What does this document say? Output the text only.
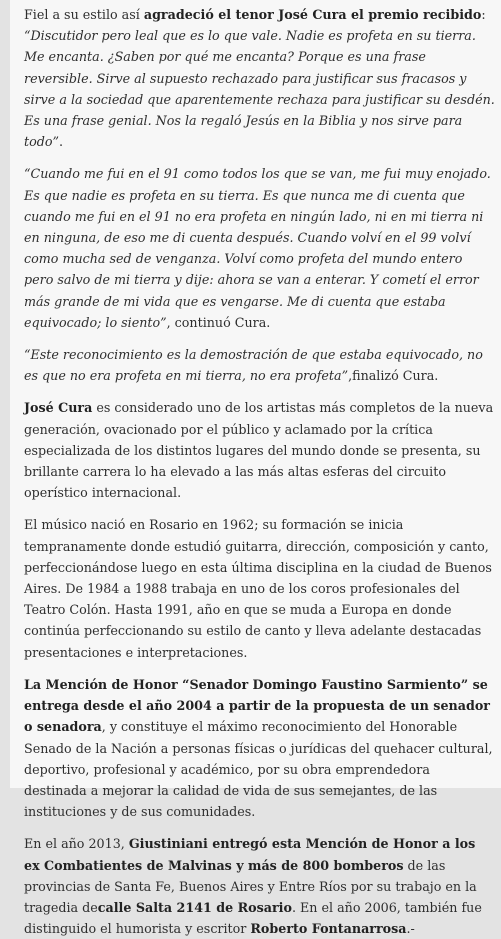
Fiel a su estilo así agradeció el tenor José Cura el premio recibido: “Discutidor pero leal que es lo que vale. Nadie es profeta en su tierra. Me encanta. ¿Saben por qué me encanta? Porque es una frase reversible. Sirve al supuesto rechazado para justificar sus fracasos y sirve a la sociedad que aparentemente rechaza para justificar su desdén. Es una frase genial. Nos la regaló Jesús en la Biblia y nos sirve para todo”.

“Cuando me fui en el 91 como todos los que se van, me fui muy enojado. Es que nadie es profeta en su tierra. Es que nunca me di cuenta que cuando me fui en el 91 no era profeta en ningún lado, ni en mi tierra ni en ninguna, de eso me di cuenta después. Cuando volví en el 99 volví como mucha sed de venganza. Volví como profeta del mundo entero pero salvo de mi tierra y dije: ahora se van a enterar. Y cometí el error más grande de mi vida que es vengarse. Me di cuenta que estaba equivocado; lo siento”, continuó Cura.

“Este reconocimiento es la demostración de que estaba equivocado, no es que no era profeta en mi tierra, no era profeta”,finalizó Cura.

José Cura es considerado uno de los artistas más completos de la nueva generación, ovacionado por el público y aclamado por la crítica especializada de los distintos lugares del mundo donde se presenta, su brillante carrera lo ha elevado a las más altas esferas del circuito operístico internacional.

El músico nació en Rosario en 1962; su formación se inicia tempranamente donde estudió guitarra, dirección, composición y canto, perfeccionándose luego en esta última disciplina en la ciudad de Buenos Aires. De 1984 a 1988 trabaja en uno de los coros profesionales del Teatro Colón. Hasta 1991, año en que se muda a Europa en donde continúa perfeccionando su estilo de canto y lleva adelante destacadas presentaciones e interpretaciones.

La Mención de Honor “Senador Domingo Faustino Sarmiento” se entrega desde el año 2004 a partir de la propuesta de un senador o senadora, y constituye el máximo reconocimiento del Honorable Senado de la Nación a personas físicas o jurídicas del quehacer cultural, deportivo, profesional y académico, por su obra emprendedora destinada a mejorar la calidad de vida de sus semejantes, de las instituciones y de sus comunidades.

En el año 2013, Giustiniani entregó esta Mención de Honor a los ex Combatientes de Malvinas y más de 800 bomberos de las provincias de Santa Fe, Buenos Aires y Entre Ríos por su trabajo en la tragedia decalle Salta 2141 de Rosario. En el año 2006, también fue distinguido el humorista y escritor Roberto Fontanarrosa.-
